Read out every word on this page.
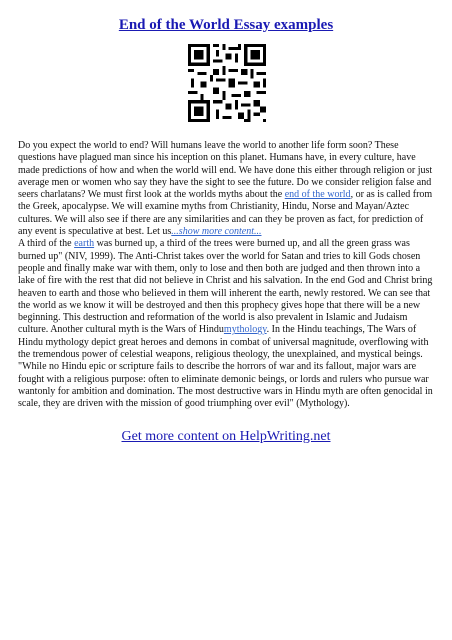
End of the World Essay examples

Do you expect the world to end? Will humans leave the world to another life form soon? These questions have plagued man since his inception on this planet. Humans have, in every culture, have made predictions of how and when the world will end. We have done this either through religion or just average men or women who say they have the sight to see the future. Do we consider religion false and seers charlatans? We must first look at the worlds myths about the end of the world, or as is called from the Greek, apocalypse. We will examine myths from Christianity, Hindu, Norse and Mayan/Aztec cultures. We will also see if there are any similarities and can they be proven as fact, for prediction of any event is speculative at best. Let us...show more content...

A third of the earth was burned up, a third of the trees were burned up, and all the green grass was burned up" (NIV, 1999). The Anti-Christ takes over the world for Satan and tries to kill Gods chosen people and finally make war with them, only to lose and then both are judged and then thrown into a lake of fire with the rest that did not believe in Christ and his salvation. In the end God and Christ bring heaven to earth and those who believed in them will inherent the earth, newly restored. We can see that the world as we know it will be destroyed and then this prophecy gives hope that there will be a new beginning. This destruction and reformation of the world is also prevalent in Islamic and Judaism culture. Another cultural myth is the Wars of Hindumythology. In the Hindu teachings, The Wars of Hindu mythology depict great heroes and demons in combat of universal magnitude, overflowing with the tremendous power of celestial weapons, religious theology, the unexplained, and mystical beings. "While no Hindu epic or scripture fails to describe the horrors of war and its fallout, major wars are fought with a religious purpose: often to eliminate demonic beings, or lords and rulers who pursue war wantonly for ambition and domination. The most destructive wars in Hindu myth are often genocidal in scale, they are driven with the mission of good triumphing over evil" (Mythology).

Get more content on HelpWriting.net
